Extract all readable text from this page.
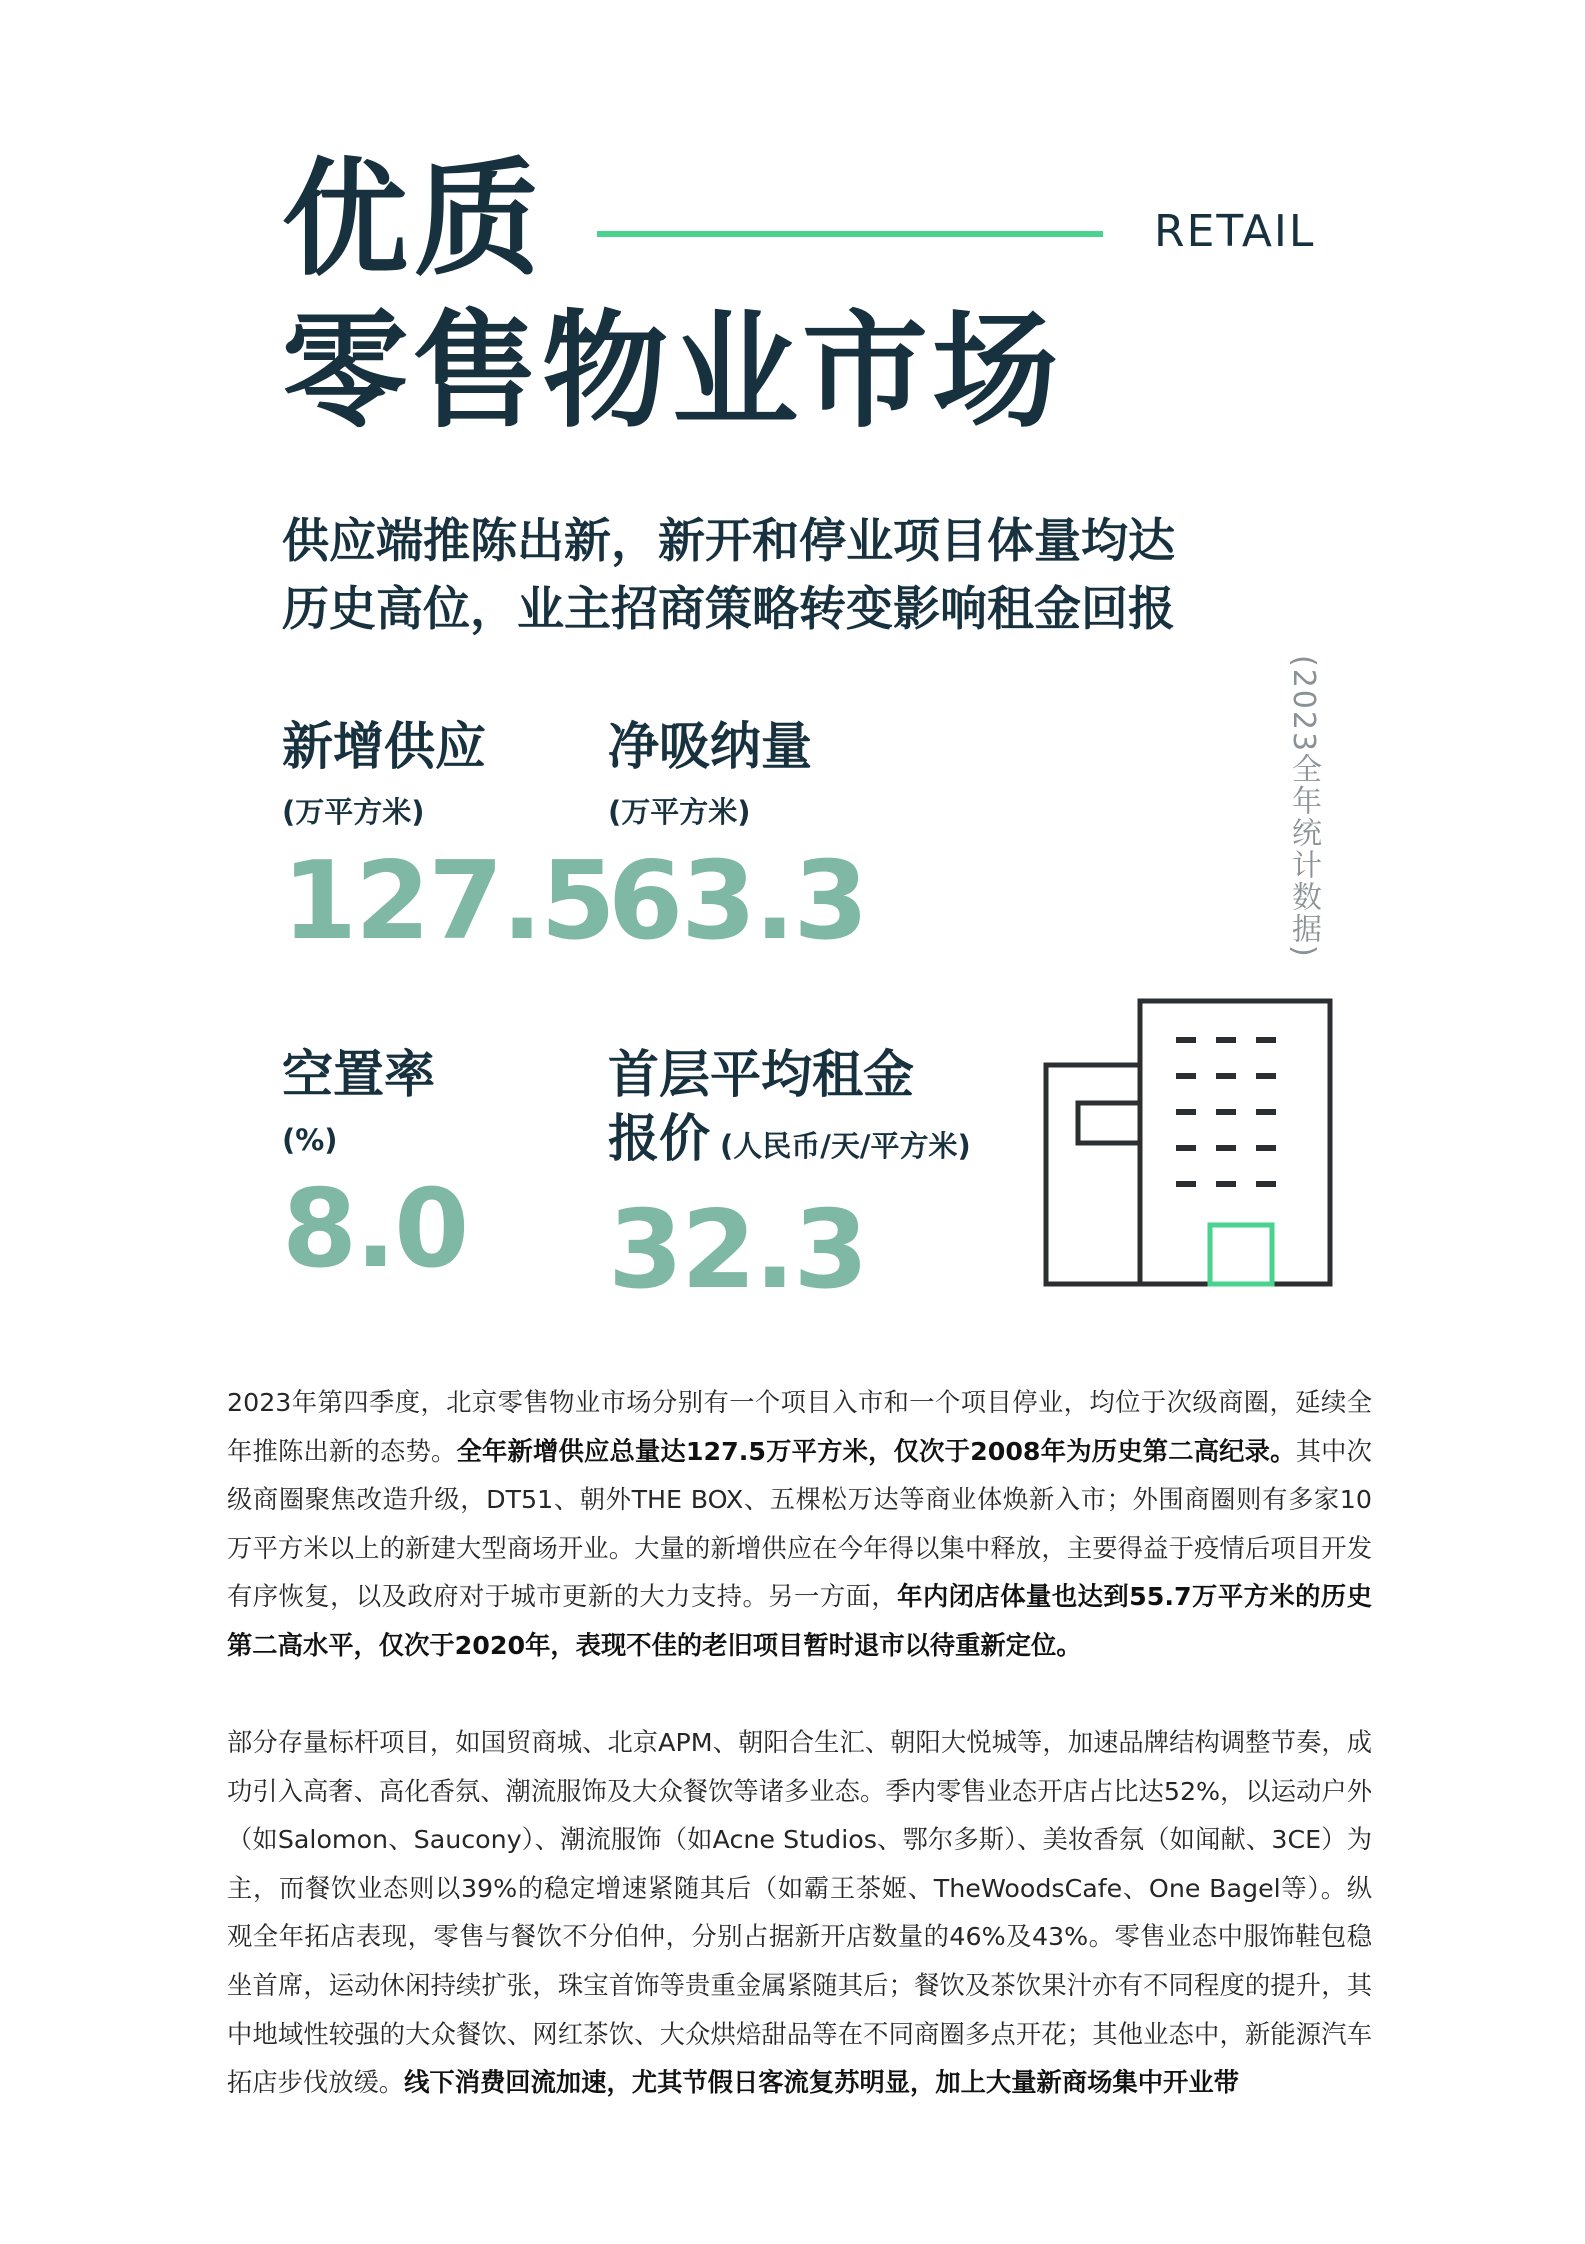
优质	RETAIL
零售物业市场
供应端推陈出新，新开和停业项目体量均达
历史高位，业主招商策略转变影响租金回报
(2023全年统计数据)
新增供应
(万平方米)
127.5
净吸纳量
(万平方米)
63.3
空置率
(%)
8.0
首层平均租金
报价 (人民币/天/平方米)
32.3
2023年第四季度，北京零售物业市场分别有一个项目入市和一个项目停业，均位于次级商圈，延续全年推陈出新的态势。全年新增供应总量达127.5万平方米，仅次于2008年为历史第二高纪录。其中次级商圈聚焦改造升级，DT51、朝外THE BOX、五棵松万达等商业体焕新入市；外围商圈则有多家10万平方米以上的新建大型商场开业。大量的新增供应在今年得以集中释放，主要得益于疫情后项目开发有序恢复，以及政府对于城市更新的大力支持。另一方面，年内闭店体量也达到55.7万平方米的历史第二高水平，仅次于2020年，表现不佳的老旧项目暂时退市以待重新定位。
部分存量标杆项目，如国贸商城、北京APM、朝阳合生汇、朝阳大悦城等，加速品牌结构调整节奏，成功引入高奢、高化香氛、潮流服饰及大众餐饮等诸多业态。季内零售业态开店占比达52%，以运动户外（如Salomon、Saucony）、潮流服饰（如Acne Studios、鄂尔多斯）、美妆香氛（如闻献、3CE）为主，而餐饮业态则以39%的稳定增速紧随其后（如霸王茶姬、TheWoodsCafe、One Bagel等）。纵观全年拓店表现，零售与餐饮不分伯仲，分别占据新开店数量的46%及43%。零售业态中服饰鞋包稳坐首席，运动休闲持续扩张，珠宝首饰等贵重金属紧随其后；餐饮及茶饮果汁亦有不同程度的提升，其中地域性较强的大众餐饮、网红茶饮、大众烘焙甜品等在不同商圈多点开花；其他业态中，新能源汽车拓店步伐放缓。线下消费回流加速，尤其节假日客流复苏明显，加上大量新商场集中开业带
